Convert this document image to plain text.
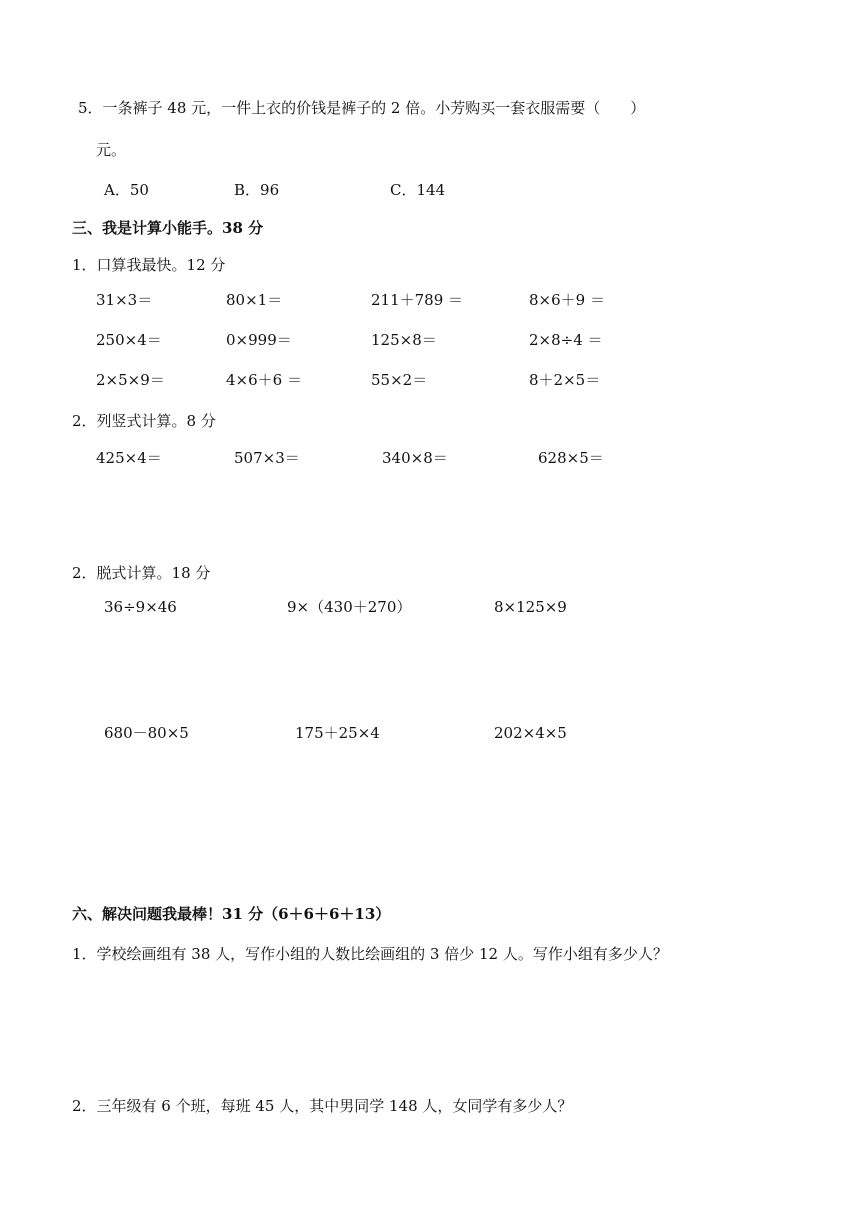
5．一条裤子 48 元，一件上衣的价钱是裤子的 2 倍。小芳购买一套衣服需要（　　）
元。
A．50	B．96	C．144
三、我是计算小能手。38 分
1．口算我最快。12 分
31×3＝	80×1＝	211＋789 ＝	8×6＋9 ＝
250×4＝	0×999＝	125×8＝	2×8÷4 ＝
2×5×9＝	4×6＋6 ＝	55×2＝	8＋2×5＝
2．列竖式计算。8 分
425×4＝	507×3＝	340×8＝	628×5＝
2．脱式计算。18 分
36÷9×46	9×（430＋270）	8×125×9
680－80×5	175＋25×4	202×4×5
六、解决问题我最棒！31 分（6＋6＋6＋13）
1．学校绘画组有 38 人，写作小组的人数比绘画组的 3 倍少 12 人。写作小组有多少人？
2．三年级有 6 个班，每班 45 人，其中男同学 148 人，女同学有多少人？
